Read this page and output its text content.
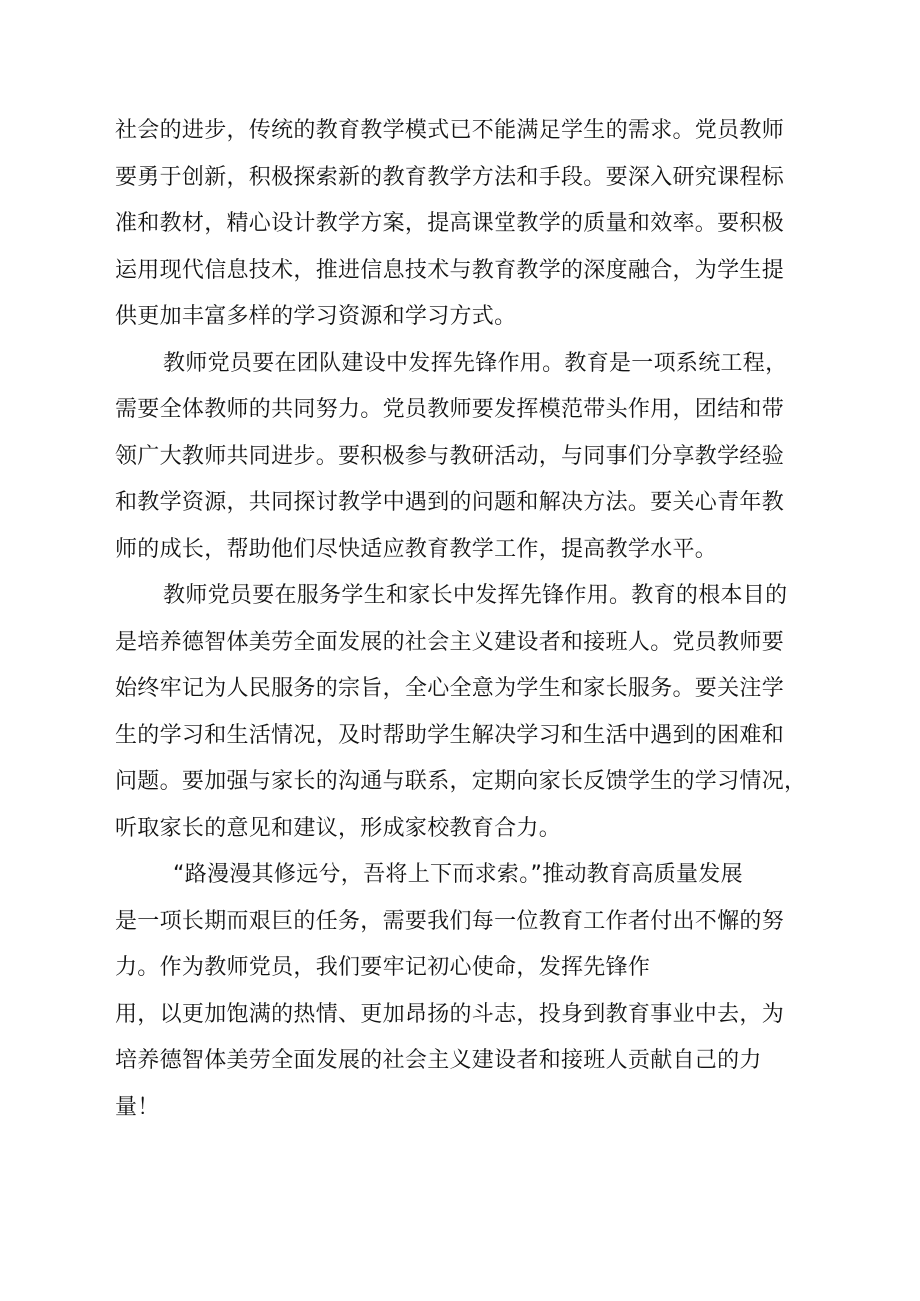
社会的进步，传统的教育教学模式已不能满足学生的需求。党员教师
要勇于创新，积极探索新的教育教学方法和手段。要深入研究课程标
准和教材，精心设计教学方案，提高课堂教学的质量和效率。要积极
运用现代信息技术，推进信息技术与教育教学的深度融合，为学生提
供更加丰富多样的学习资源和学习方式。

教师党员要在团队建设中发挥先锋作用。教育是一项系统工程，
需要全体教师的共同努力。党员教师要发挥模范带头作用，团结和带
领广大教师共同进步。要积极参与教研活动，与同事们分享教学经验
和教学资源，共同探讨教学中遇到的问题和解决方法。要关心青年教
师的成长，帮助他们尽快适应教育教学工作，提高教学水平。

教师党员要在服务学生和家长中发挥先锋作用。教育的根本目的
是培养德智体美劳全面发展的社会主义建设者和接班人。党员教师要
始终牢记为人民服务的宗旨，全心全意为学生和家长服务。要关注学
生的学习和生活情况，及时帮助学生解决学习和生活中遇到的困难和
问题。要加强与家长的沟通与联系，定期向家长反馈学生的学习情况，
听取家长的意见和建议，形成家校教育合力。

“路漫漫其修远兮，吾将上下而求索。”推动教育高质量发展
是一项长期而艰巨的任务，需要我们每一位教育工作者付出不懈的努
力。作为教师党员，我们要牢记初心使命，发挥先锋作
用，以更加饱满的热情、更加昂扬的斗志，投身到教育事业中去，为
培养德智体美劳全面发展的社会主义建设者和接班人贡献自己的力
量！
